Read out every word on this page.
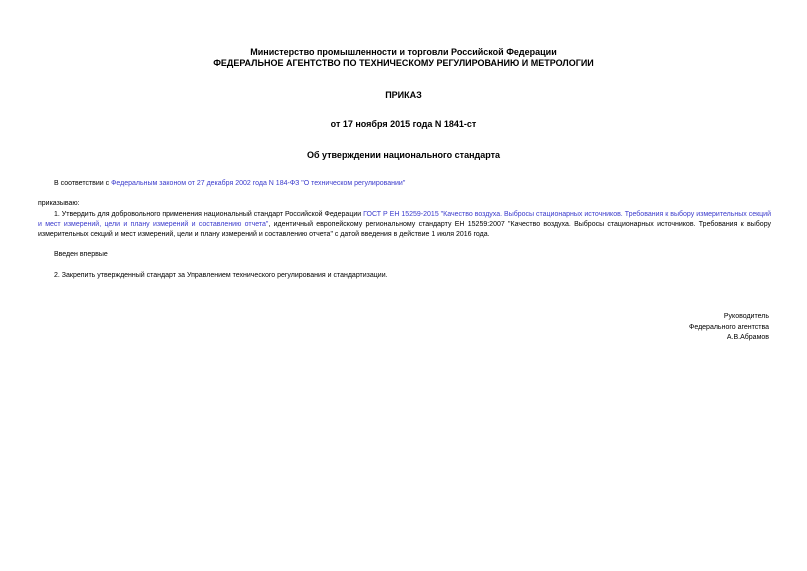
Министерство промышленности и торговли Российской Федерации
ФЕДЕРАЛЬНОЕ АГЕНТСТВО ПО ТЕХНИЧЕСКОМУ РЕГУЛИРОВАНИЮ И МЕТРОЛОГИИ
ПРИКАЗ
от 17 ноября 2015 года N 1841-ст
Об утверждении национального стандарта
В соответствии с Федеральным законом от 27 декабря 2002 года N 184-ФЗ "О техническом регулировании"
приказываю:
1. Утвердить для добровольного применения национальный стандарт Российской Федерации ГОСТ Р ЕН 15259-2015 "Качество воздуха. Выбросы стационарных источников. Требования к выбору измерительных секций и мест измерений, цели и плану измерений и составлению отчета", идентичный европейскому региональному стандарту ЕН 15259:2007 "Качество воздуха. Выбросы стационарных источников. Требования к выбору измерительных секций и мест измерений, цели и плану измерений и составлению отчета" с датой введения в действие 1 июля 2016 года.
Введен впервые
2. Закрепить утвержденный стандарт за Управлением технического регулирования и стандартизации.
Руководитель
Федерального агентства
А.В.Абрамов
